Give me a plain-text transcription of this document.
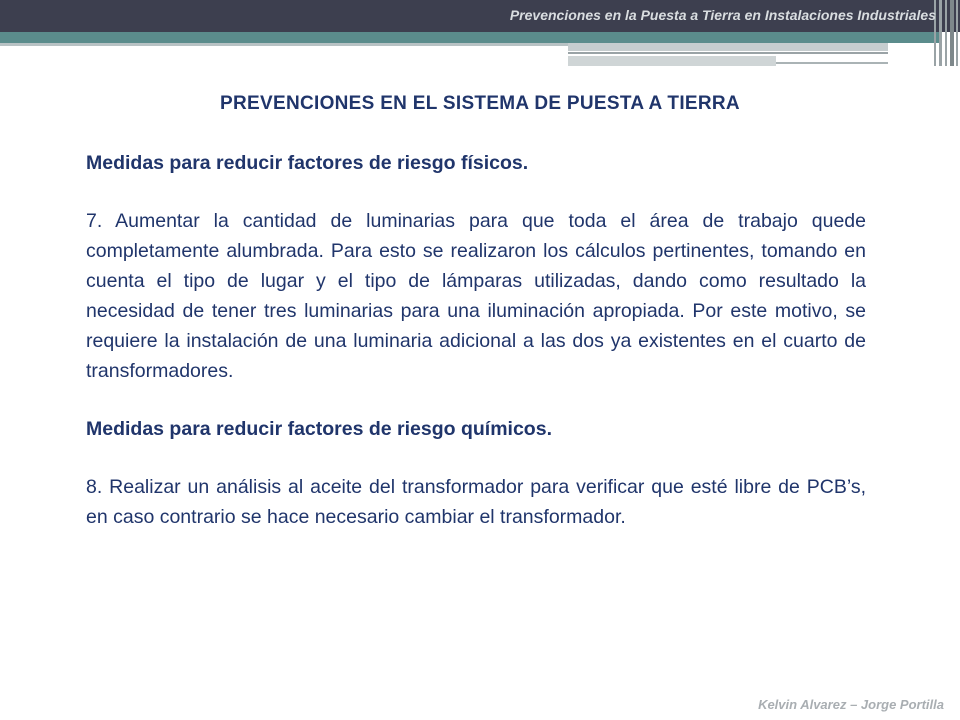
Prevenciones en la Puesta a Tierra en Instalaciones Industriales
PREVENCIONES EN EL SISTEMA DE PUESTA A TIERRA

Medidas para reducir factores de riesgo físicos.

7. Aumentar la cantidad de luminarias para que toda el área de trabajo quede completamente alumbrada. Para esto se realizaron los cálculos pertinentes, tomando en cuenta el tipo de lugar y el tipo de lámparas utilizadas, dando como resultado la necesidad de tener tres luminarias para una iluminación apropiada. Por este motivo, se requiere la instalación de una luminaria adicional a las dos ya existentes en el cuarto de transformadores.

Medidas para reducir factores de riesgo químicos.

8. Realizar un análisis al aceite del transformador para verificar que esté libre de PCB’s, en caso contrario se hace necesario cambiar el transformador.

Kelvin Alvarez – Jorge Portilla
